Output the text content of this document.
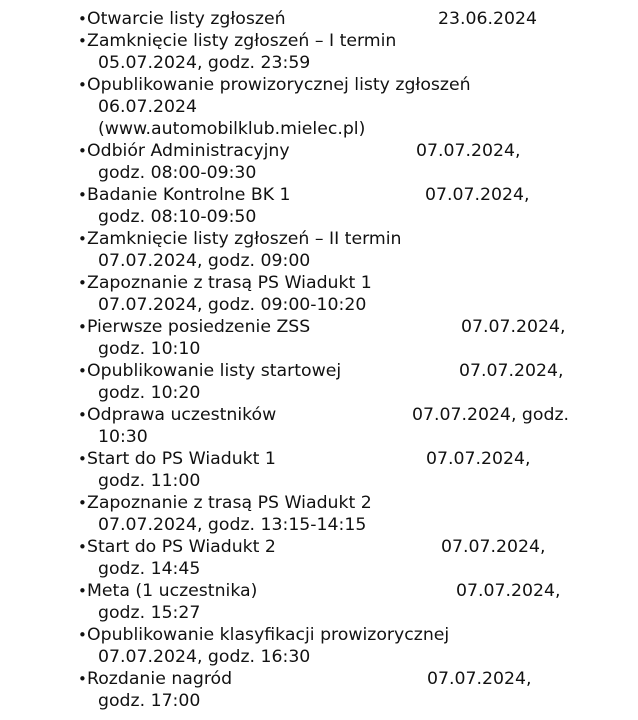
• Otwarcie listy zgłoszeń	23.06.2024
• Zamknięcie listy zgłoszeń – I termin
05.07.2024, godz. 23:59
• Opublikowanie prowizorycznej listy zgłoszeń
06.07.2024
(www.automobilklub.mielec.pl)
• Odbiór Administracyjny	07.07.2024,
godz. 08:00-09:30
• Badanie Kontrolne BK 1	07.07.2024,
godz. 08:10-09:50
• Zamknięcie listy zgłoszeń – II termin
07.07.2024, godz. 09:00
• Zapoznanie z trasą PS Wiadukt 1
07.07.2024, godz. 09:00-10:20
• Pierwsze posiedzenie ZSS	07.07.2024,
godz. 10:10
• Opublikowanie listy startowej	07.07.2024,
godz. 10:20
• Odprawa uczestników	07.07.2024, godz.
10:30
• Start do PS Wiadukt 1	07.07.2024,
godz. 11:00
• Zapoznanie z trasą PS Wiadukt 2
07.07.2024, godz. 13:15-14:15
• Start do PS Wiadukt 2	07.07.2024,
godz. 14:45
• Meta (1 uczestnika)	07.07.2024,
godz. 15:27
• Opublikowanie klasyfikacji prowizorycznej
07.07.2024, godz. 16:30
• Rozdanie nagród	07.07.2024,
godz. 17:00
